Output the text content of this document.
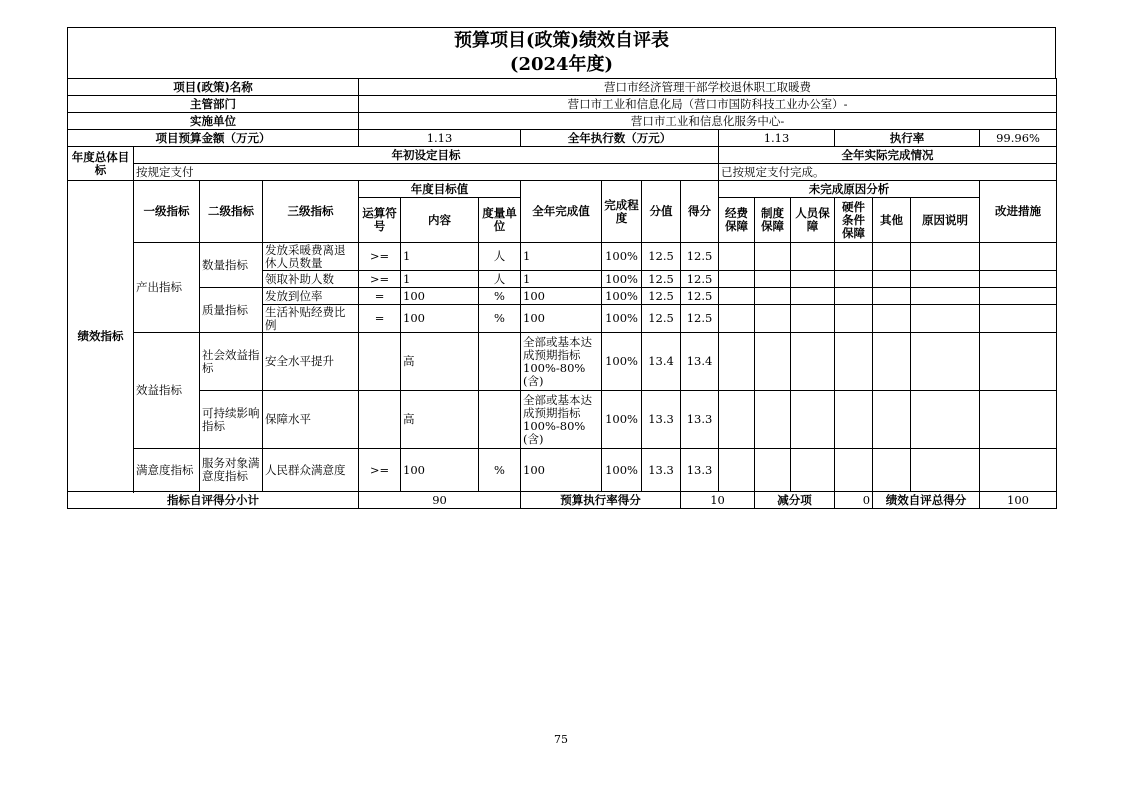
预算项目(政策)绩效自评表
(2024年度)
项目(政策)名称				营口市经济管理干部学校退休职工取暖费													
主管部门				营口市工业和信息化局（营口市国防科技工业办公室）-													
实施单位				营口市工业和信息化服务中心-													
项目预算金额（万元）				1.13			全年执行数（万元）				1.13			执行率			99.96%
年度总体目标	年初设定目标										全年实际完成情况						
	按规定支付										已按规定支付完成。						
绩效指标	一级指标	二级指标	三级指标	年度目标值			全年完成值	完成程度	分值	得分	未完成原因分析						改进措施
				运算符号	内容	度量单位					经费保障	制度保障	人员保障	硬件条件保障	其他	原因说明	

	产出指标	数量指标	发放采暖费离退休人员数量	>=	1	人	1	100%	12.5	12.5							
			领取补助人数	>=	1	人	1	100%	12.5	12.5							
		质量指标	发放到位率	=	100	%	100	100%	12.5	12.5							
			生活补贴经费比例	=	100	%	100	100%	12.5	12.5							
	效益指标	社会效益指标	安全水平提升		高		全部或基本达成预期指标100%-80%(含)	100%	13.4	13.4							
		可持续影响指标	保障水平		高		全部或基本达成预期指标100%-80%(含)	100%	13.3	13.3							
	满意度指标	服务对象满意度指标	人民群众满意度	>=	100	%	100	100%	13.3	13.3							

指标自评得分小计				90			预算执行率得分			10		减分项		0	绩效自评总得分		100
75
